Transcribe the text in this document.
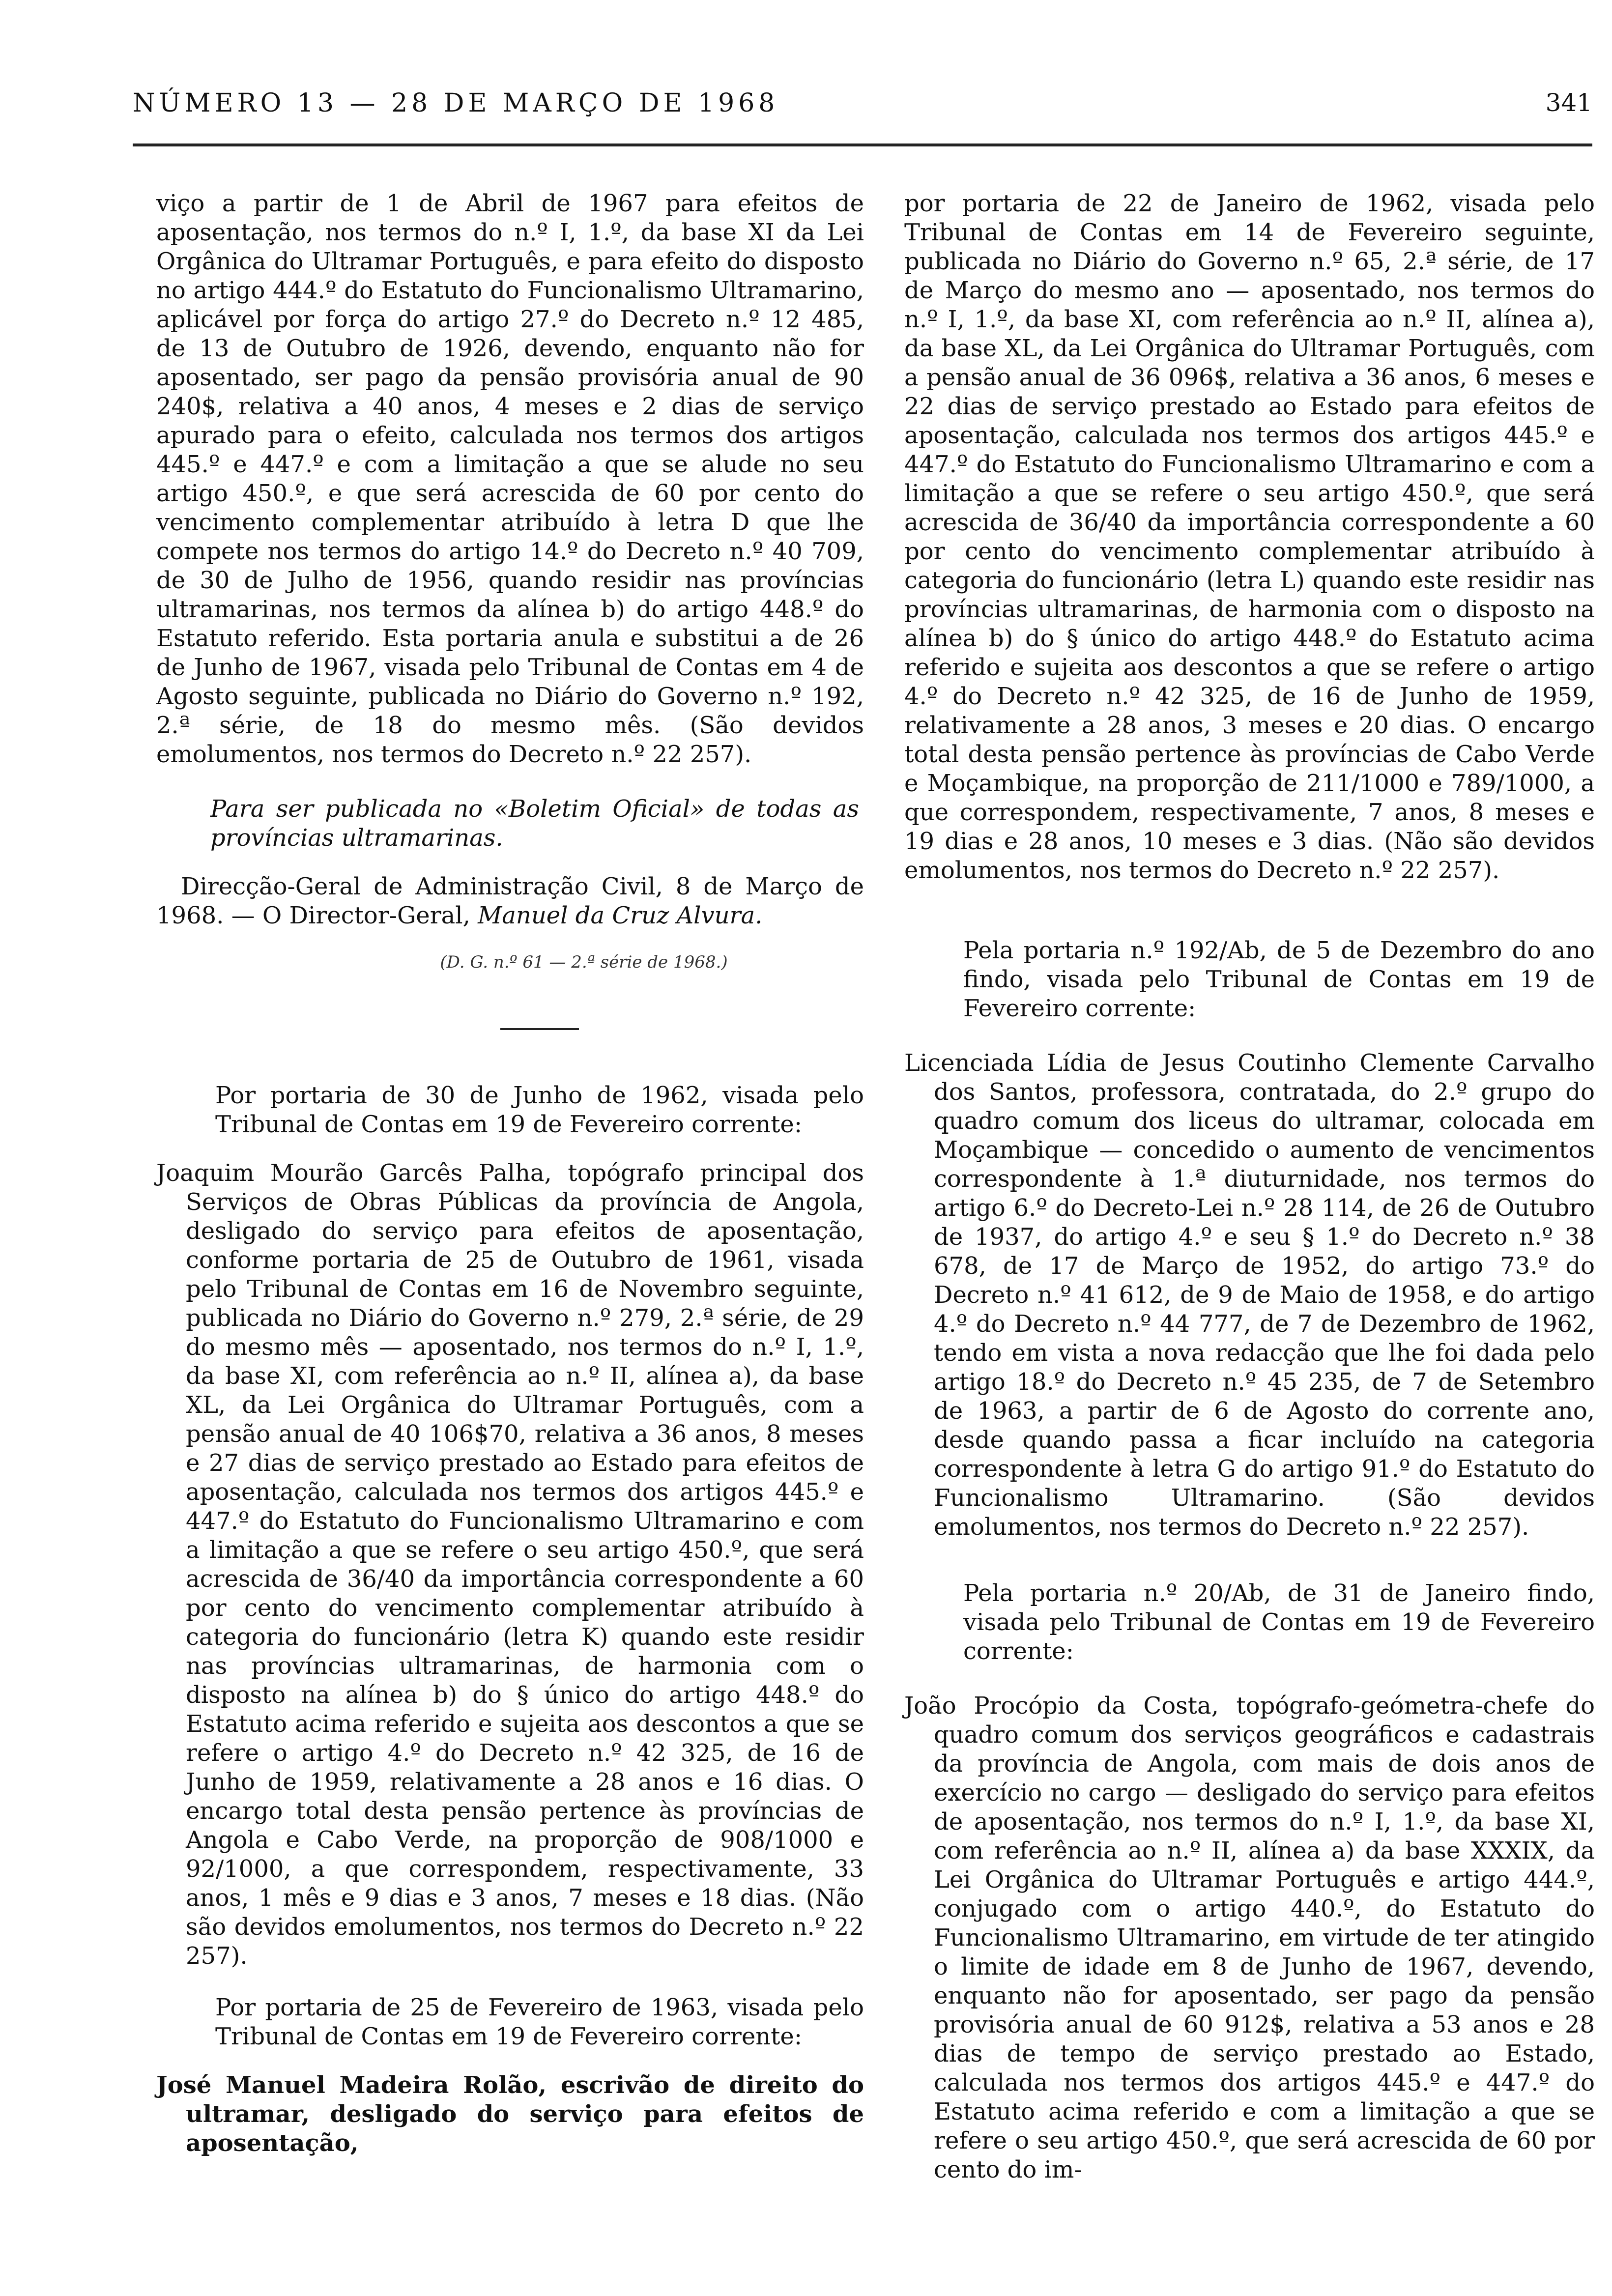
NÚMERO 13 — 28 DE MARÇO DE 1968	341

viço a partir de 1 de Abril de 1967 para efeitos de aposentação, nos termos do n.º I, 1.º, da base XI da Lei Orgânica do Ultramar Português, e para efeito do disposto no artigo 444.º do Estatuto do Funcionalismo Ultramarino, aplicável por força do artigo 27.º do Decreto n.º 12 485, de 13 de Outubro de 1926, devendo, enquanto não for aposentado, ser pago da pensão provisória anual de 90 240$, relativa a 40 anos, 4 meses e 2 dias de serviço apurado para o efeito, calculada nos termos dos artigos 445.º e 447.º e com a limitação a que se alude no seu artigo 450.º, e que será acrescida de 60 por cento do vencimento complementar atribuído à letra D que lhe compete nos termos do artigo 14.º do Decreto n.º 40 709, de 30 de Julho de 1956, quando residir nas províncias ultramarinas, nos termos da alínea b) do artigo 448.º do Estatuto referido. Esta portaria anula e substitui a de 26 de Junho de 1967, visada pelo Tribunal de Contas em 4 de Agosto seguinte, publicada no Diário do Governo n.º 192, 2.ª série, de 18 do mesmo mês. (São devidos emolumentos, nos termos do Decreto n.º 22 257).

Para ser publicada no «Boletim Oficial» de todas as províncias ultramarinas.

Direcção-Geral de Administração Civil, 8 de Março de 1968. — O Director-Geral, Manuel da Cruz Alvura.

(D. G. n.º 61 — 2.ª série de 1968.)

Por portaria de 30 de Junho de 1962, visada pelo Tribunal de Contas em 19 de Fevereiro corrente:

Joaquim Mourão Garcês Palha, topógrafo principal dos Serviços de Obras Públicas da província de Angola, desligado do serviço para efeitos de aposentação, conforme portaria de 25 de Outubro de 1961, visada pelo Tribunal de Contas em 16 de Novembro seguinte, publicada no Diário do Governo n.º 279, 2.ª série, de 29 do mesmo mês — aposentado, nos termos do n.º I, 1.º, da base XI, com referência ao n.º II, alínea a), da base XL, da Lei Orgânica do Ultramar Português, com a pensão anual de 40 106$70, relativa a 36 anos, 8 meses e 27 dias de serviço prestado ao Estado para efeitos de aposentação, calculada nos termos dos artigos 445.º e 447.º do Estatuto do Funcionalismo Ultramarino e com a limitação a que se refere o seu artigo 450.º, que será acrescida de 36/40 da importância correspondente a 60 por cento do vencimento complementar atribuído à categoria do funcionário (letra K) quando este residir nas províncias ultramarinas, de harmonia com o disposto na alínea b) do § único do artigo 448.º do Estatuto acima referido e sujeita aos descontos a que se refere o artigo 4.º do Decreto n.º 42 325, de 16 de Junho de 1959, relativamente a 28 anos e 16 dias. O encargo total desta pensão pertence às províncias de Angola e Cabo Verde, na proporção de 908/1000 e 92/1000, a que correspondem, respectivamente, 33 anos, 1 mês e 9 dias e 3 anos, 7 meses e 18 dias. (Não são devidos emolumentos, nos termos do Decreto n.º 22 257).

Por portaria de 25 de Fevereiro de 1963, visada pelo Tribunal de Contas em 19 de Fevereiro corrente:

José Manuel Madeira Rolão, escrivão de direito do ultramar, desligado do serviço para efeitos de aposentação,

por portaria de 22 de Janeiro de 1962, visada pelo Tribunal de Contas em 14 de Fevereiro seguinte, publicada no Diário do Governo n.º 65, 2.ª série, de 17 de Março do mesmo ano — aposentado, nos termos do n.º I, 1.º, da base XI, com referência ao n.º II, alínea a), da base XL, da Lei Orgânica do Ultramar Português, com a pensão anual de 36 096$, relativa a 36 anos, 6 meses e 22 dias de serviço prestado ao Estado para efeitos de aposentação, calculada nos termos dos artigos 445.º e 447.º do Estatuto do Funcionalismo Ultramarino e com a limitação a que se refere o seu artigo 450.º, que será acrescida de 36/40 da importância correspondente a 60 por cento do vencimento complementar atribuído à categoria do funcionário (letra L) quando este residir nas províncias ultramarinas, de harmonia com o disposto na alínea b) do § único do artigo 448.º do Estatuto acima referido e sujeita aos descontos a que se refere o artigo 4.º do Decreto n.º 42 325, de 16 de Junho de 1959, relativamente a 28 anos, 3 meses e 20 dias. O encargo total desta pensão pertence às províncias de Cabo Verde e Moçambique, na proporção de 211/1000 e 789/1000, a que correspondem, respectivamente, 7 anos, 8 meses e 19 dias e 28 anos, 10 meses e 3 dias. (Não são devidos emolumentos, nos termos do Decreto n.º 22 257).

Pela portaria n.º 192/Ab, de 5 de Dezembro do ano findo, visada pelo Tribunal de Contas em 19 de Fevereiro corrente:

Licenciada Lídia de Jesus Coutinho Clemente Carvalho dos Santos, professora, contratada, do 2.º grupo do quadro comum dos liceus do ultramar, colocada em Moçambique — concedido o aumento de vencimentos correspondente à 1.ª diuturnidade, nos termos do artigo 6.º do Decreto-Lei n.º 28 114, de 26 de Outubro de 1937, do artigo 4.º e seu § 1.º do Decreto n.º 38 678, de 17 de Março de 1952, do artigo 73.º do Decreto n.º 41 612, de 9 de Maio de 1958, e do artigo 4.º do Decreto n.º 44 777, de 7 de Dezembro de 1962, tendo em vista a nova redacção que lhe foi dada pelo artigo 18.º do Decreto n.º 45 235, de 7 de Setembro de 1963, a partir de 6 de Agosto do corrente ano, desde quando passa a ficar incluído na categoria correspondente à letra G do artigo 91.º do Estatuto do Funcionalismo Ultramarino. (São devidos emolumentos, nos termos do Decreto n.º 22 257).

Pela portaria n.º 20/Ab, de 31 de Janeiro findo, visada pelo Tribunal de Contas em 19 de Fevereiro corrente:

João Procópio da Costa, topógrafo-geómetra-chefe do quadro comum dos serviços geográficos e cadastrais da província de Angola, com mais de dois anos de exercício no cargo — desligado do serviço para efeitos de aposentação, nos termos do n.º I, 1.º, da base XI, com referência ao n.º II, alínea a) da base XXXIX, da Lei Orgânica do Ultramar Português e artigo 444.º, conjugado com o artigo 440.º, do Estatuto do Funcionalismo Ultramarino, em virtude de ter atingido o limite de idade em 8 de Junho de 1967, devendo, enquanto não for aposentado, ser pago da pensão provisória anual de 60 912$, relativa a 53 anos e 28 dias de tempo de serviço prestado ao Estado, calculada nos termos dos artigos 445.º e 447.º do Estatuto acima referido e com a limitação a que se refere o seu artigo 450.º, que será acrescida de 60 por cento do im-
